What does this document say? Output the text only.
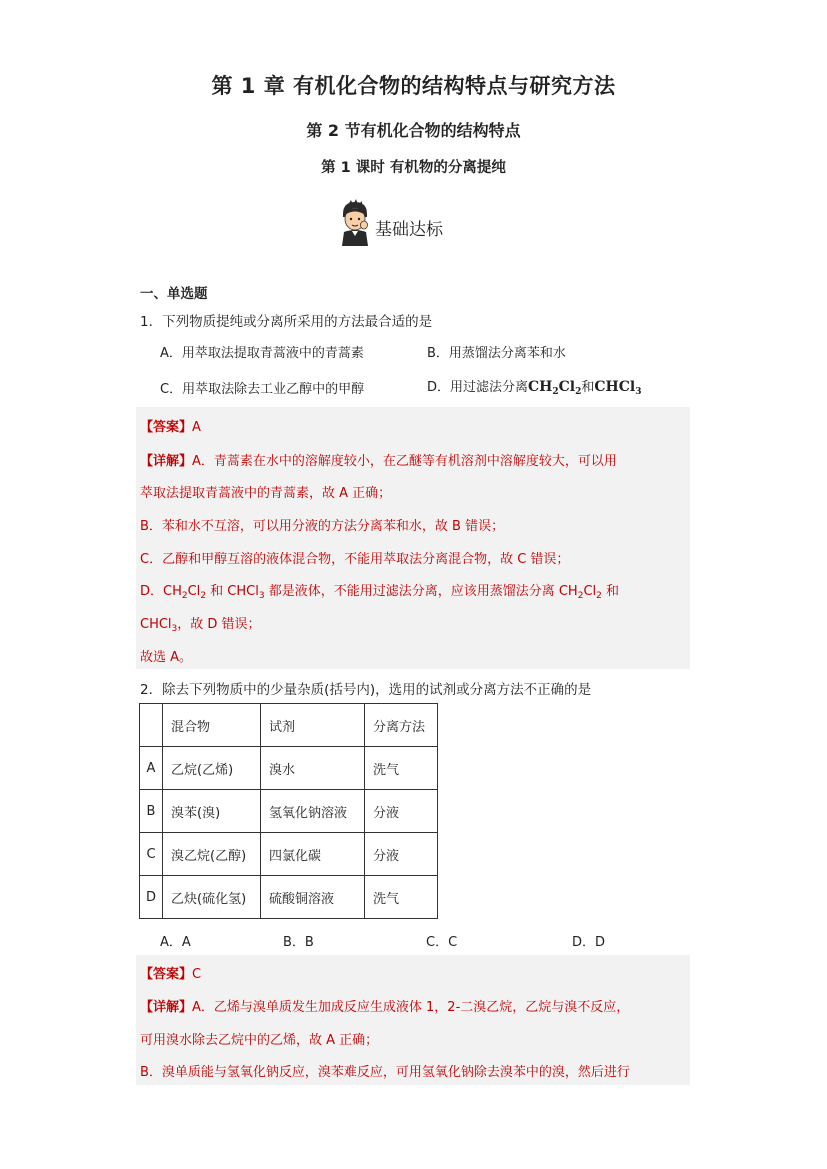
第 1 章 有机化合物的结构特点与研究方法
第 2 节有机化合物的结构特点
第 1 课时 有机物的分离提纯
基础达标
一、单选题
1．下列物质提纯或分离所采用的方法最合适的是
A．用萃取法提取青蒿液中的青蒿素	B．用蒸馏法分离苯和水
C．用萃取法除去工业乙醇中的甲醇	D．用过滤法分离$CH_2Cl_2$和CHCl$_3$
【答案】A
【详解】A．青蒿素在水中的溶解度较小，在乙醚等有机溶剂中溶解度较大，可以用
萃取法提取青蒿液中的青蒿素，故 A 正确；
B．苯和水不互溶，可以用分液的方法分离苯和水，故 B 错误；
C．乙醇和甲醇互溶的液体混合物，不能用萃取法分离混合物，故 C 错误；
D．$CH_2Cl_2$ 和 CHCl$_3$ 都是液体，不能用过滤法分离，应该用蒸馏法分离 $CH_2Cl_2$ 和
CHCl$_3$，故 D 错误；
故选 A。
2．除去下列物质中的少量杂质(括号内)，选用的试剂或分离方法不正确的是
	混合物	试剂	分离方法
A	乙烷(乙烯)	溴水	洗气
B	溴苯(溴)	氢氧化钠溶液	分液
C	溴乙烷(乙醇)	四氯化碳	分液
D	乙炔(硫化氢)	硫酸铜溶液	洗气
A．A	B．B	C．C	D．D
【答案】C
【详解】A．乙烯与溴单质发生加成反应生成液体 1，2-二溴乙烷，乙烷与溴不反应，
可用溴水除去乙烷中的乙烯，故 A 正确；
B．溴单质能与氢氧化钠反应，溴苯难反应，可用氢氧化钠除去溴苯中的溴，然后进行
